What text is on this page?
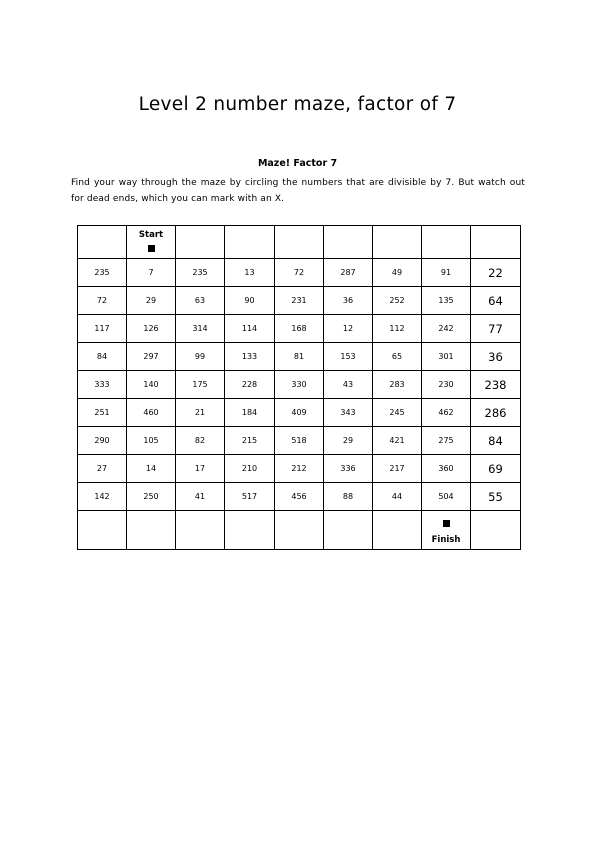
Level 2 number maze, factor of 7
Maze! Factor 7
Find your way through the maze by circling the numbers that are divisible by 7. But watch out for dead ends, which you can mark with an X.

	Start							

235	7	235	13	72	287	49	91	22
72	29	63	90	231	36	252	135	64
117	126	314	114	168	12	112	242	77
84	297	99	133	81	153	65	301	36
333	140	175	228	330	43	283	230	238
251	460	21	184	409	343	245	462	286
290	105	82	215	518	29	421	275	84
27	14	17	210	212	336	217	360	69
142	250	41	517	456	88	44	504	55

							Finish	
